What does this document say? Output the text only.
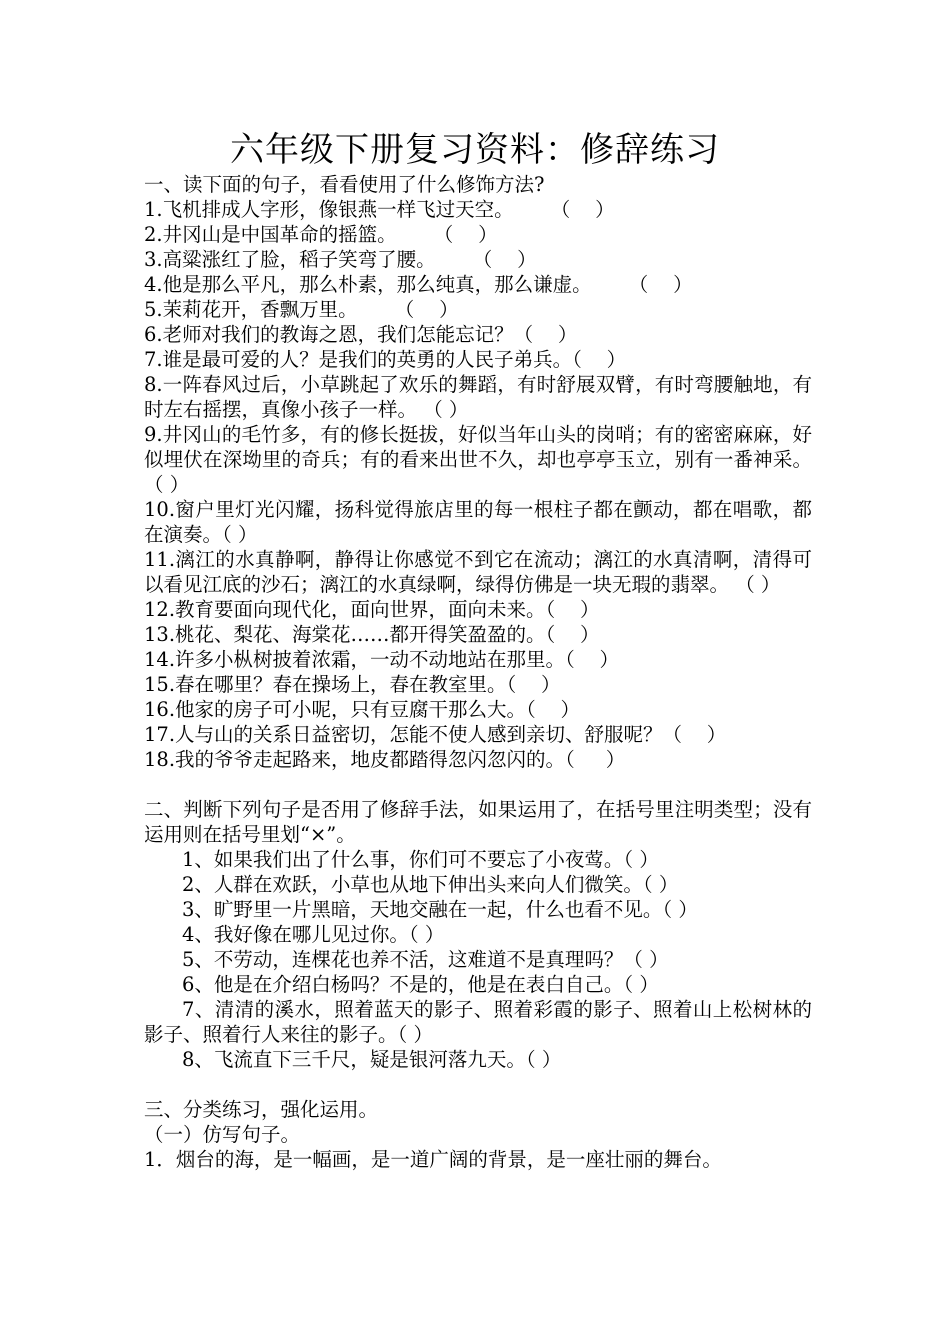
六年级下册复习资料：修辞练习
一、读下面的句子，看看使用了什么修饰方法?
1.飞机排成人字形，像银燕一样飞过天空。      （    ）
2.井冈山是中国革命的摇篮。      （    ）
3.高粱涨红了脸，稻子笑弯了腰。      （    ）
4.他是那么平凡，那么朴素，那么纯真，那么谦虚。      （    ）
5.茉莉花开，香飘万里。      （    ）
6.老师对我们的教诲之恩，我们怎能忘记？（    ）
7.谁是最可爱的人？是我们的英勇的人民子弟兵。（    ）
8.一阵春风过后，小草跳起了欢乐的舞蹈，有时舒展双臂，有时弯腰触地，有时左右摇摆，真像小孩子一样。 （ ）
9.井冈山的毛竹多，有的修长挺拔，好似当年山头的岗哨；有的密密麻麻，好似埋伏在深坳里的奇兵；有的看来出世不久，却也亭亭玉立，别有一番神采。（ ）
10.窗户里灯光闪耀，扬科觉得旅店里的每一根柱子都在颤动，都在唱歌，都在演奏。（ ）
11.漓江的水真静啊，静得让你感觉不到它在流动；漓江的水真清啊，清得可以看见江底的沙石；漓江的水真绿啊，绿得仿佛是一块无瑕的翡翠。 （ ）
12.教育要面向现代化，面向世界，面向未来。（    ）
13.桃花、梨花、海棠花……都开得笑盈盈的。（    ）
14.许多小枞树披着浓霜，一动不动地站在那里。（    ）
15.春在哪里？春在操场上，春在教室里。（    ）
16.他家的房子可小呢，只有豆腐干那么大。（    ）
17.人与山的关系日益密切，怎能不使人感到亲切、舒服呢？（    ）
18.我的爷爷走起路来，地皮都踏得忽闪忽闪的。（     ）
二、判断下列句子是否用了修辞手法，如果运用了，在括号里注明类型；没有运用则在括号里划“×”。
1、如果我们出了什么事，你们可不要忘了小夜莺。（ ）
2、人群在欢跃，小草也从地下伸出头来向人们微笑。（ ）
3、旷野里一片黑暗，天地交融在一起，什么也看不见。（ ）
4、我好像在哪儿见过你。（ ）
5、不劳动，连棵花也养不活，这难道不是真理吗？（ ）
6、他是在介绍白杨吗？不是的，他是在表白自己。（ ）
7、清清的溪水，照着蓝天的影子、照着彩霞的影子、照着山上松树林的影子、照着行人来往的影子。（ ）
8、飞流直下三千尺，疑是银河落九天。（ ）
三、分类练习，强化运用。
（一）仿写句子。
1．烟台的海，是一幅画，是一道广阔的背景，是一座壮丽的舞台。
